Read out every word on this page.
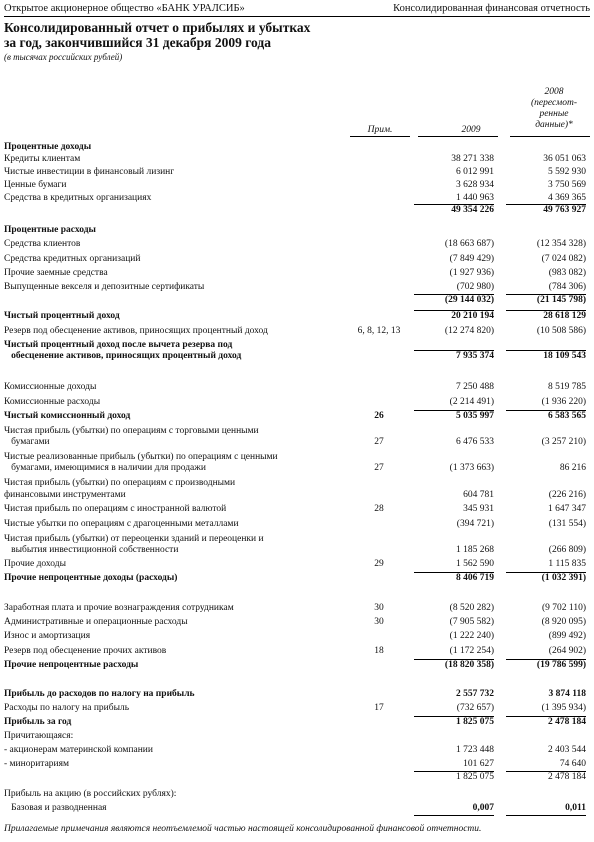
Открытое акционерное общество «БАНК УРАЛСИБ»	Консолидированная финансовая отчетность
Консолидированный отчет о прибылях и убытках
за год, закончившийся 31 декабря 2009 года
(в тысячах российских рублей)
2008
(пересмот-
ренные
данные)*
Прим.	2009
Процентные доходы
Кредиты клиентам	38 271 338	36 051 063
Чистые инвестиции в финансовый лизинг	6 012 991	5 592 930
Ценные бумаги	3 628 934	3 750 569
Средства в кредитных организациях	1 440 963	4 369 365
49 354 226	49 763 927
Процентные расходы
Средства клиентов	(18 663 687)	(12 354 328)
Средства кредитных организаций	(7 849 429)	(7 024 082)
Прочие заемные средства	(1 927 936)	(983 082)
Выпущенные векселя и депозитные сертификаты	(702 980)	(784 306)
(29 144 032)	(21 145 798)
Чистый процентный доход	20 210 194	28 618 129
Резерв под обесценение активов, приносящих процентный доход	6, 8, 12, 13	(12 274 820)	(10 508 586)
Чистый процентный доход после вычета резерва под
обесценение активов, приносящих процентный доход	7 935 374	18 109 543
Комиссионные доходы	7 250 488	8 519 785
Комиссионные расходы	(2 214 491)	(1 936 220)
Чистый комиссионный доход	26	5 035 997	6 583 565
Чистая прибыль (убытки) по операциям с торговыми ценными
бумагами	27	6 476 533	(3 257 210)
Чистые реализованные прибыль (убытки) по операциям с ценными
бумагами, имеющимися в наличии для продажи	27	(1 373 663)	86 216
Чистая прибыль (убытки) по операциям с производными
финансовыми инструментами	604 781	(226 216)
Чистая прибыль по операциям с иностранной валютой	28	345 931	1 647 347
Чистые убытки по операциям с драгоценными металлами	(394 721)	(131 554)
Чистая прибыль (убытки) от переоценки зданий и переоценки и
выбытия инвестиционной собственности	1 185 268	(266 809)
Прочие доходы	29	1 562 590	1 115 835
Прочие непроцентные доходы (расходы)	8 406 719	(1 032 391)
Заработная плата и прочие вознаграждения сотрудникам	30	(8 520 282)	(9 702 110)
Административные и операционные расходы	30	(7 905 582)	(8 920 095)
Износ и амортизация	(1 222 240)	(899 492)
Резерв под обесценение прочих активов	18	(1 172 254)	(264 902)
Прочие непроцентные расходы	(18 820 358)	(19 786 599)
Прибыль до расходов по налогу на прибыль	2 557 732	3 874 118
Расходы по налогу на прибыль	17	(732 657)	(1 395 934)
Прибыль за год	1 825 075	2 478 184
Причитающаяся:
- акционерам материнской компании	1 723 448	2 403 544
- миноритариям	101 627	74 640
1 825 075	2 478 184
Прибыль на акцию (в российских рублях):
Базовая и разводненная	0,007	0,011
Прилагаемые примечания являются неотъемлемой частью настоящей консолидированной финансовой отчетности.
